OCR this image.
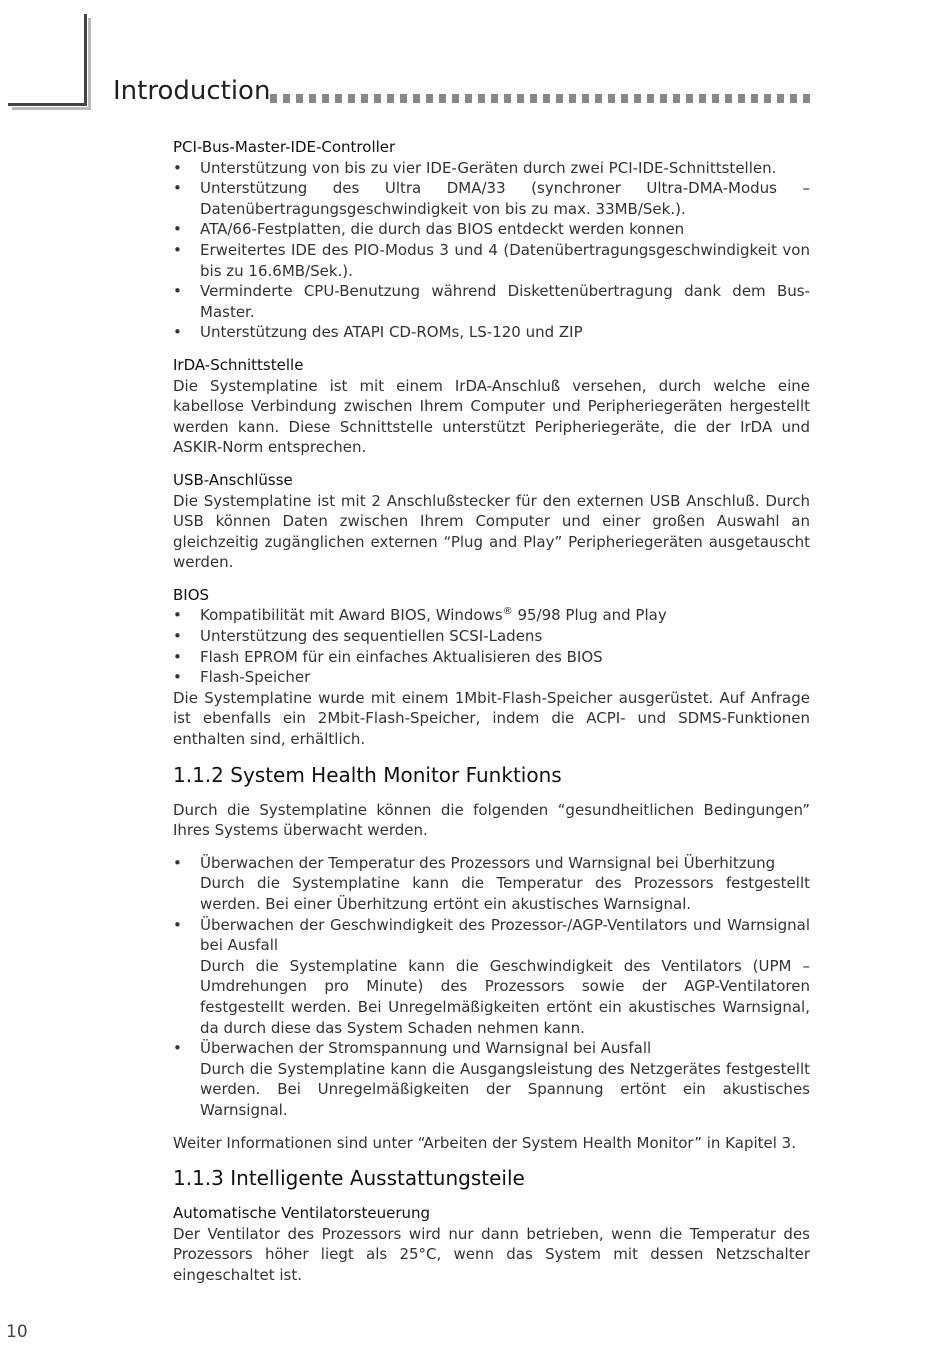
Introduction
PCI-Bus-Master-IDE-Controller
• Unterstützung von bis zu vier IDE-Geräten durch zwei PCI-IDE-Schnittstellen.
• Unterstützung des Ultra DMA/33 (synchroner Ultra-DMA-Modus – Datenübertragungsgeschwindigkeit von bis zu max. 33MB/Sek.).
• ATA/66-Festplatten, die durch das BIOS entdeckt werden konnen
• Erweitertes IDE des PIO-Modus 3 und 4 (Datenübertragungsgeschwindigkeit von bis zu 16.6MB/Sek.).
• Verminderte CPU-Benutzung während Diskettenübertragung dank dem Bus-Master.
• Unterstützung des ATAPI CD-ROMs, LS-120 und ZIP
IrDA-Schnittstelle

Die Systemplatine ist mit einem IrDA-Anschluß versehen, durch welche eine kabellose Verbindung zwischen Ihrem Computer und Peripheriegeräten hergestellt werden kann. Diese Schnittstelle unterstützt Peripheriegeräte, die der IrDA und ASKIR-Norm entsprechen.

USB-Anschlüsse

Die Systemplatine ist mit 2 Anschlußstecker für den externen USB Anschluß. Durch USB können Daten zwischen Ihrem Computer und einer großen Auswahl an gleichzeitig zugänglichen externen “Plug and Play” Peripheriegeräten ausgetauscht werden.

BIOS
• Kompatibilität mit Award BIOS, Windows® 95/98 Plug and Play
• Unterstützung des sequentiellen SCSI-Ladens
• Flash EPROM für ein einfaches Aktualisieren des BIOS
• Flash-Speicher

Die Systemplatine wurde mit einem 1Mbit-Flash-Speicher ausgerüstet. Auf Anfrage ist ebenfalls ein 2Mbit-Flash-Speicher, indem die ACPI- und SDMS-Funktionen enthalten sind, erhältlich.

1.1.2 System Health Monitor Funktions

Durch die Systemplatine können die folgenden “gesundheitlichen Bedingungen” Ihres Systems überwacht werden.

• Überwachen der Temperatur des Prozessors und Warnsignal bei Überhitzung
Durch die Systemplatine kann die Temperatur des Prozessors festgestellt werden. Bei einer Überhitzung ertönt ein akustisches Warnsignal.
• Überwachen der Geschwindigkeit des Prozessor-/AGP-Ventilators und Warnsignal bei Ausfall
Durch die Systemplatine kann die Geschwindigkeit des Ventilators (UPM – Umdrehungen pro Minute) des Prozessors sowie der AGP-Ventilatoren festgestellt werden. Bei Unregelmäßigkeiten ertönt ein akustisches Warnsignal, da durch diese das System Schaden nehmen kann.
• Überwachen der Stromspannung und Warnsignal bei Ausfall
Durch die Systemplatine kann die Ausgangsleistung des Netzgerätes festgestellt werden. Bei Unregelmäßigkeiten der Spannung ertönt ein akustisches Warnsignal.

Weiter Informationen sind unter “Arbeiten der System Health Monitor” in Kapitel 3.

1.1.3 Intelligente Ausstattungsteile
Automatische Ventilatorsteuerung

Der Ventilator des Prozessors wird nur dann betrieben, wenn die Temperatur des Prozessors höher liegt als 25°C, wenn das System mit dessen Netzschalter eingeschaltet ist.

10
